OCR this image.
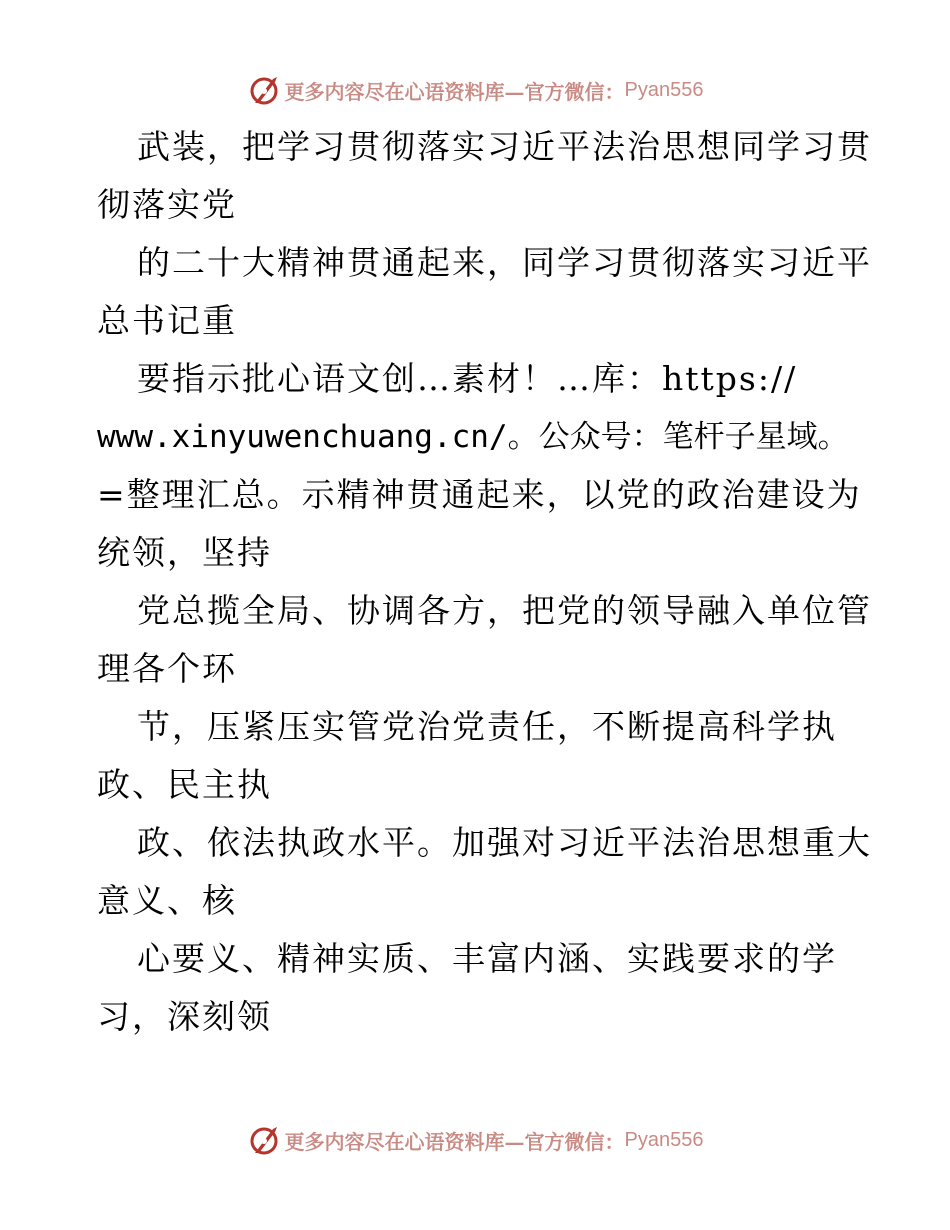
更多内容尽在心语资料库—官方微信： Pyan556
武装，把学习贯彻落实习近平法治思想同学习贯
彻落实党
的二十大精神贯通起来，同学习贯彻落实习近平
总书记重
要指示批心语文创…素材！…库：https://
www.xinyuwenchuang.cn/。公众号：笔杆子星域。
=整理汇总。示精神贯通起来，以党的政治建设为
统领，坚持
党总揽全局、协调各方，把党的领导融入单位管
理各个环
节，压紧压实管党治党责任，不断提高科学执
政、民主执
政、依法执政水平。加强对习近平法治思想重大
意义、核
心要义、精神实质、丰富内涵、实践要求的学
习，深刻领
更多内容尽在心语资料库—官方微信： Pyan556
